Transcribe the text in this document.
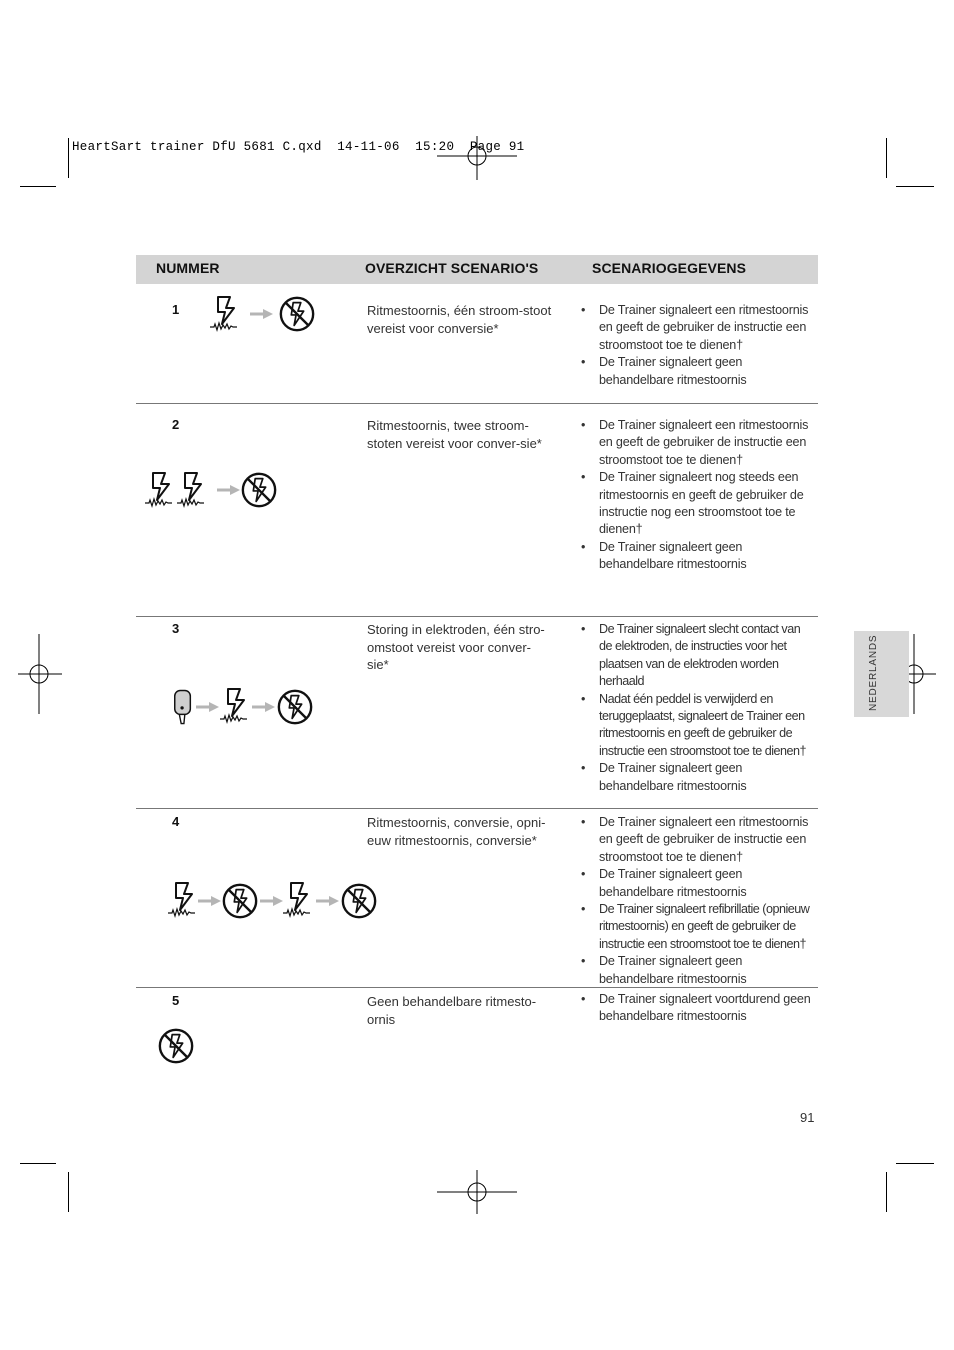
HeartSart trainer DfU 5681 C.qxd  14-11-06  15:20  Page 91
NUMMER	OVERZICHT SCENARIO'S	SCENARIOGEGEVENS
1	Ritmestoornis, één stroom-stoot vereist voor conversie*
• De Trainer signaleert een ritmestoornis en geeft de gebruiker de instructie een stroomstoot toe te dienen†
• De Trainer signaleert geen behandelbare ritmestoornis
2	Ritmestoornis, twee stroom-stoten vereist voor conver-sie*
• De Trainer signaleert een ritmestoornis en geeft de gebruiker de instructie een stroomstoot toe te dienen†
• De Trainer signaleert nog steeds een ritmestoornis en geeft de gebruiker de instructie nog een stroomstoot toe te dienen†
• De Trainer signaleert geen behandelbare ritmestoornis
3	Storing in elektroden, één stro-omstoot vereist voor conver-sie*
• De Trainer signaleert slecht contact van de elektroden, de instructies voor het plaatsen van de elektroden worden herhaald
• Nadat één peddel is verwijderd en teruggeplaatst, signaleert de Trainer een ritmestoornis en geeft de gebruiker de instructie een stroomstoot toe te dienen†
• De Trainer signaleert geen behandelbare ritmestoornis
4	Ritmestoornis, conversie, opni-euw ritmestoornis, conversie*
• De Trainer signaleert een ritmestoornis en geeft de gebruiker de instructie een stroomstoot toe te dienen†
• De Trainer signaleert geen behandelbare ritmestoornis
• De Trainer signaleert refibrillatie (opnieuw ritmestoornis) en geeft de gebruiker de instructie een stroomstoot toe te dienen†
• De Trainer signaleert geen behandelbare ritmestoornis
5	Geen behandelbare ritmesto-ornis
• De Trainer signaleert voortdurend geen behandelbare ritmestoornis
NEDERLANDS
91
